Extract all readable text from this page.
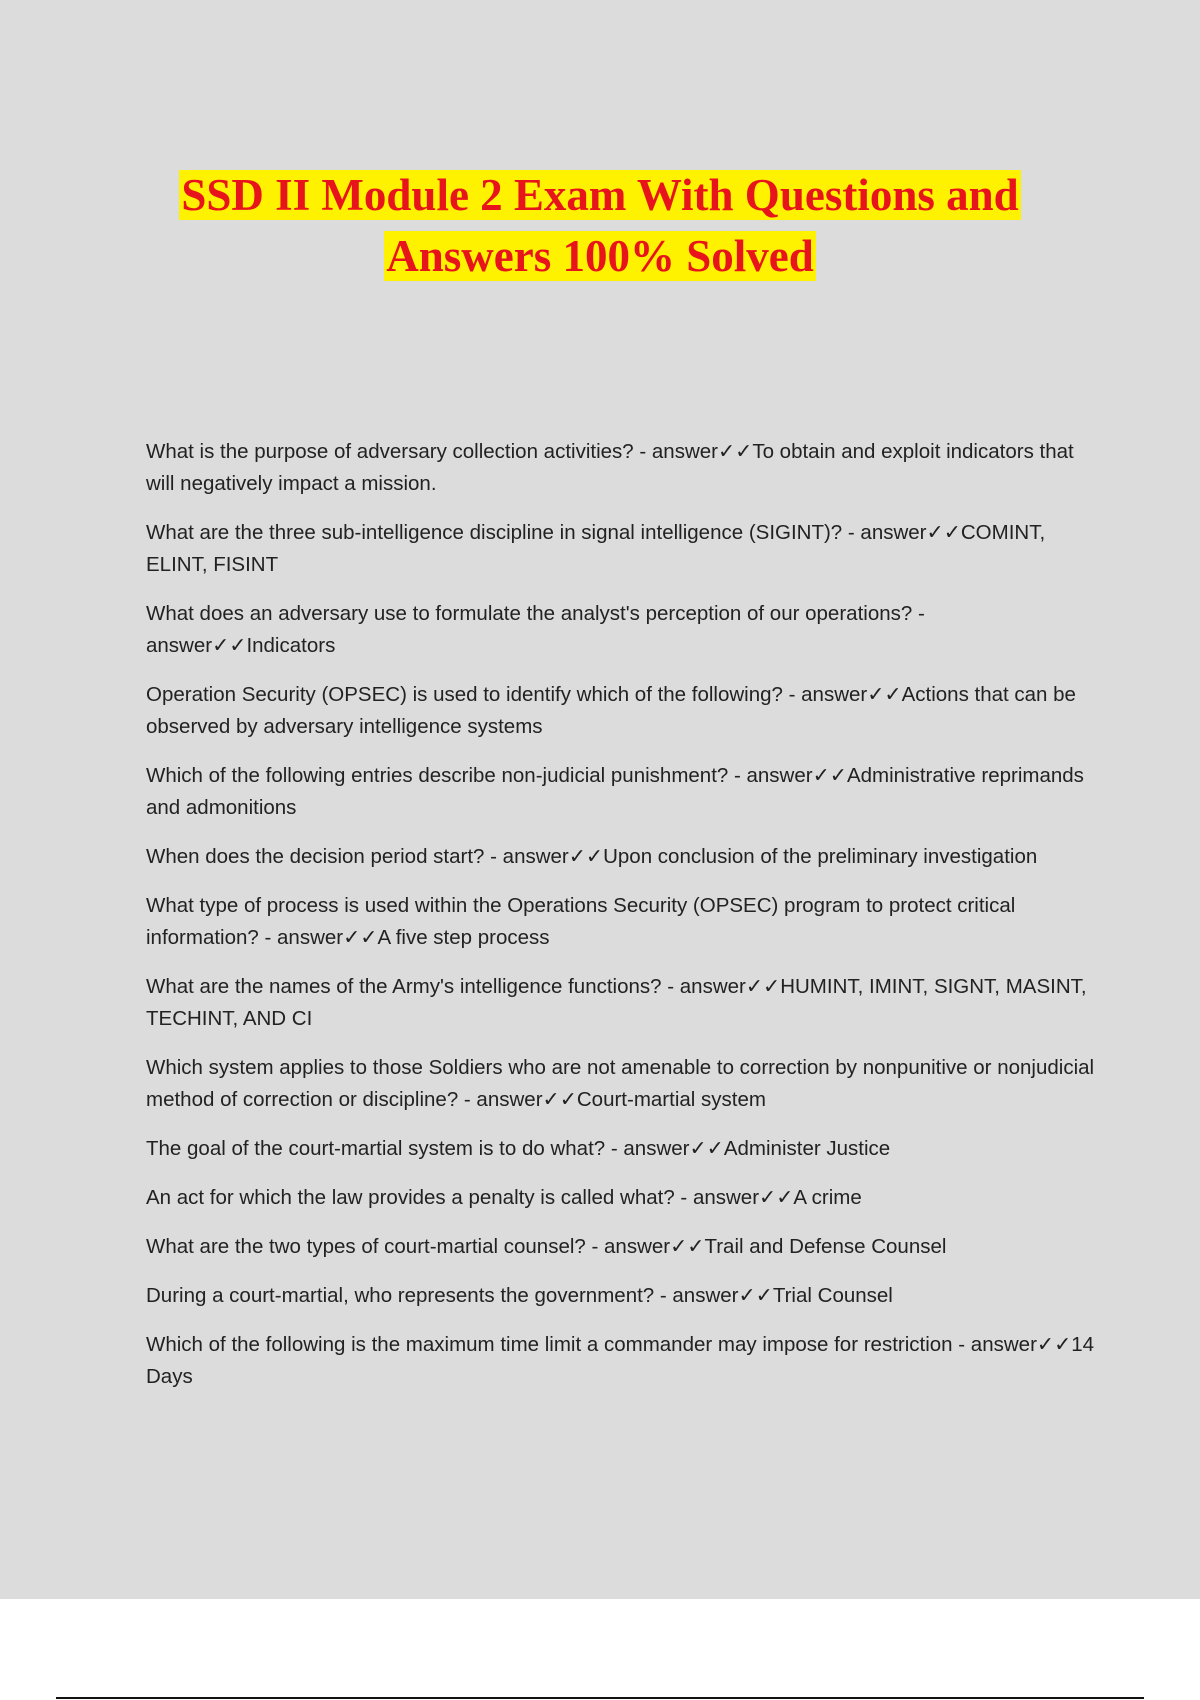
SSD II Module 2 Exam With Questions and
Answers 100% Solved
What is the purpose of adversary collection activities? - answer✓✓To obtain and exploit indicators that will negatively impact a mission.
What are the three sub-intelligence discipline in signal intelligence (SIGINT)? - answer✓✓COMINT, ELINT, FISINT
What does an adversary use to formulate the analyst's perception of our operations? - answer✓✓Indicators
Operation Security (OPSEC) is used to identify which of the following? - answer✓✓Actions that can be observed by adversary intelligence systems
Which of the following entries describe non-judicial punishment? - answer✓✓Administrative reprimands and admonitions
When does the decision period start? - answer✓✓Upon conclusion of the preliminary investigation
What type of process is used within the Operations Security (OPSEC) program to protect critical information? - answer✓✓A five step process
What are the names of the Army's intelligence functions? - answer✓✓HUMINT, IMINT, SIGNT, MASINT, TECHINT, AND CI
Which system applies to those Soldiers who are not amenable to correction by nonpunitive or nonjudicial method of correction or discipline? - answer✓✓Court-martial system
The goal of the court-martial system is to do what? - answer✓✓Administer Justice
An act for which the law provides a penalty is called what? - answer✓✓A crime
What are the two types of court-martial counsel? - answer✓✓Trail and Defense Counsel
During a court-martial, who represents the government? - answer✓✓Trial Counsel
Which of the following is the maximum time limit a commander may impose for restriction - answer✓✓14 Days
